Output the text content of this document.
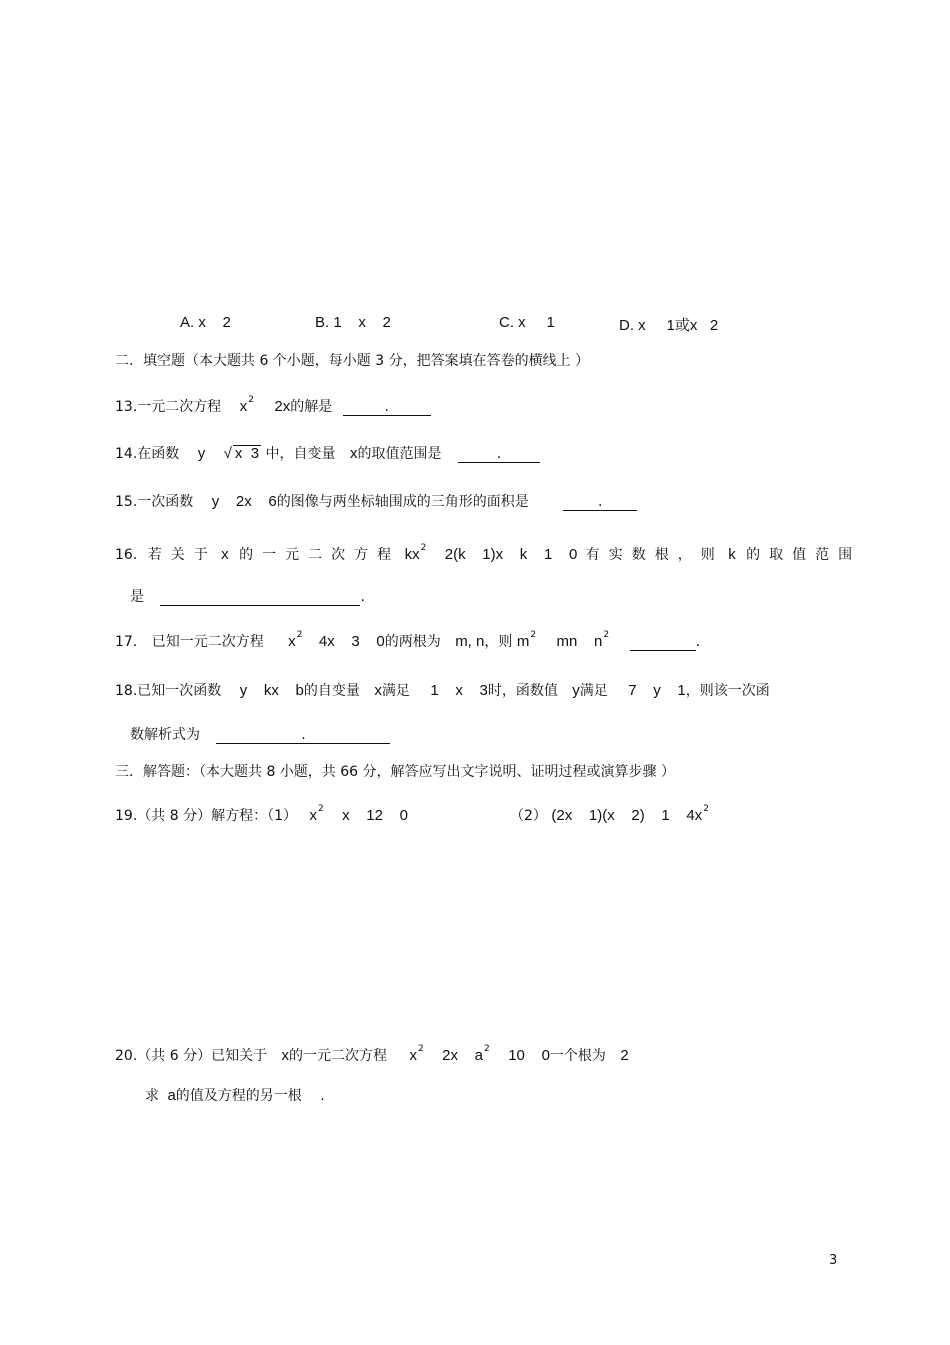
A. x    2	B. 1    x    2	C. x     1	D. x     1或x   2
二．填空题（本大题共 6 个小题，每小题 3 分，把答案填在答卷的横线上 ）
13.一元二次方程 $x^2$ 2x的解是	.
14.在函数 y √ x  3 中，自变量 x的取值范围是	.
15.一次函数 y    2x    6的图像与两坐标轴围成的三角形的面积是	.
16. 若关于 x 的一元二次方程 $kx^2$ 2(k    1)x    k    1    0 有实数根，则 k 的取值范围
是	.
17. 已知一元二次方程 $x^2$ 4x    3    0的两根为 m, n，则 $m^2$ mn    $n^2$	.
18.已知一次函数 y    kx    b的自变量 x满足 1    x    3时，函数值 y满足 7    y    1，则该一次函
数解析式为	.
三．解答题：（本大题共 8 小题，共 66 分，解答应写出文字说明、证明过程或演算步骤 ）
19.（共 8 分）解方程：（1） $x^2$ x    12    0	（2） (2x    1)(x    2)    1    $4x^2$
20.（共 6 分）已知关于 x的一元二次方程 $x^2$ 2x    $a^2$ 10    0一个根为 2
求 a的值及方程的另一根 .
3
